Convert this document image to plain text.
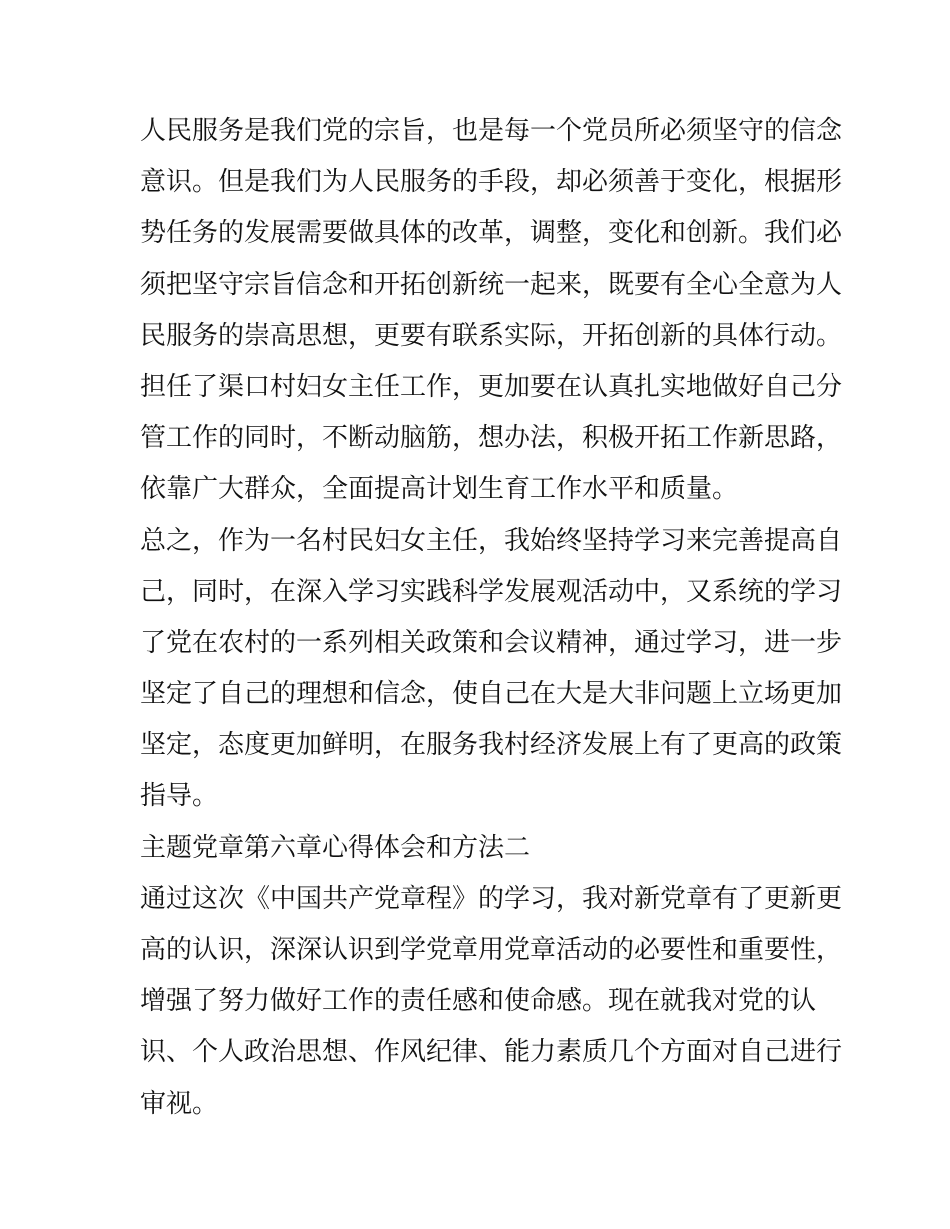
人民服务是我们党的宗旨，也是每一个党员所必须坚守的信念
意识。但是我们为人民服务的手段，却必须善于变化，根据形
势任务的发展需要做具体的改革，调整，变化和创新。我们必
须把坚守宗旨信念和开拓创新统一起来，既要有全心全意为人
民服务的崇高思想，更要有联系实际，开拓创新的具体行动。
担任了渠口村妇女主任工作，更加要在认真扎实地做好自己分
管工作的同时，不断动脑筋，想办法，积极开拓工作新思路，
依靠广大群众，全面提高计划生育工作水平和质量。
总之，作为一名村民妇女主任，我始终坚持学习来完善提高自
己，同时，在深入学习实践科学发展观活动中，又系统的学习
了党在农村的一系列相关政策和会议精神，通过学习，进一步
坚定了自己的理想和信念，使自己在大是大非问题上立场更加
坚定，态度更加鲜明，在服务我村经济发展上有了更高的政策
指导。
主题党章第六章心得体会和方法二
通过这次《中国共产党章程》的学习，我对新党章有了更新更
高的认识，深深认识到学党章用党章活动的必要性和重要性，
增强了努力做好工作的责任感和使命感。现在就我对党的认
识、个人政治思想、作风纪律、能力素质几个方面对自己进行
审视。
